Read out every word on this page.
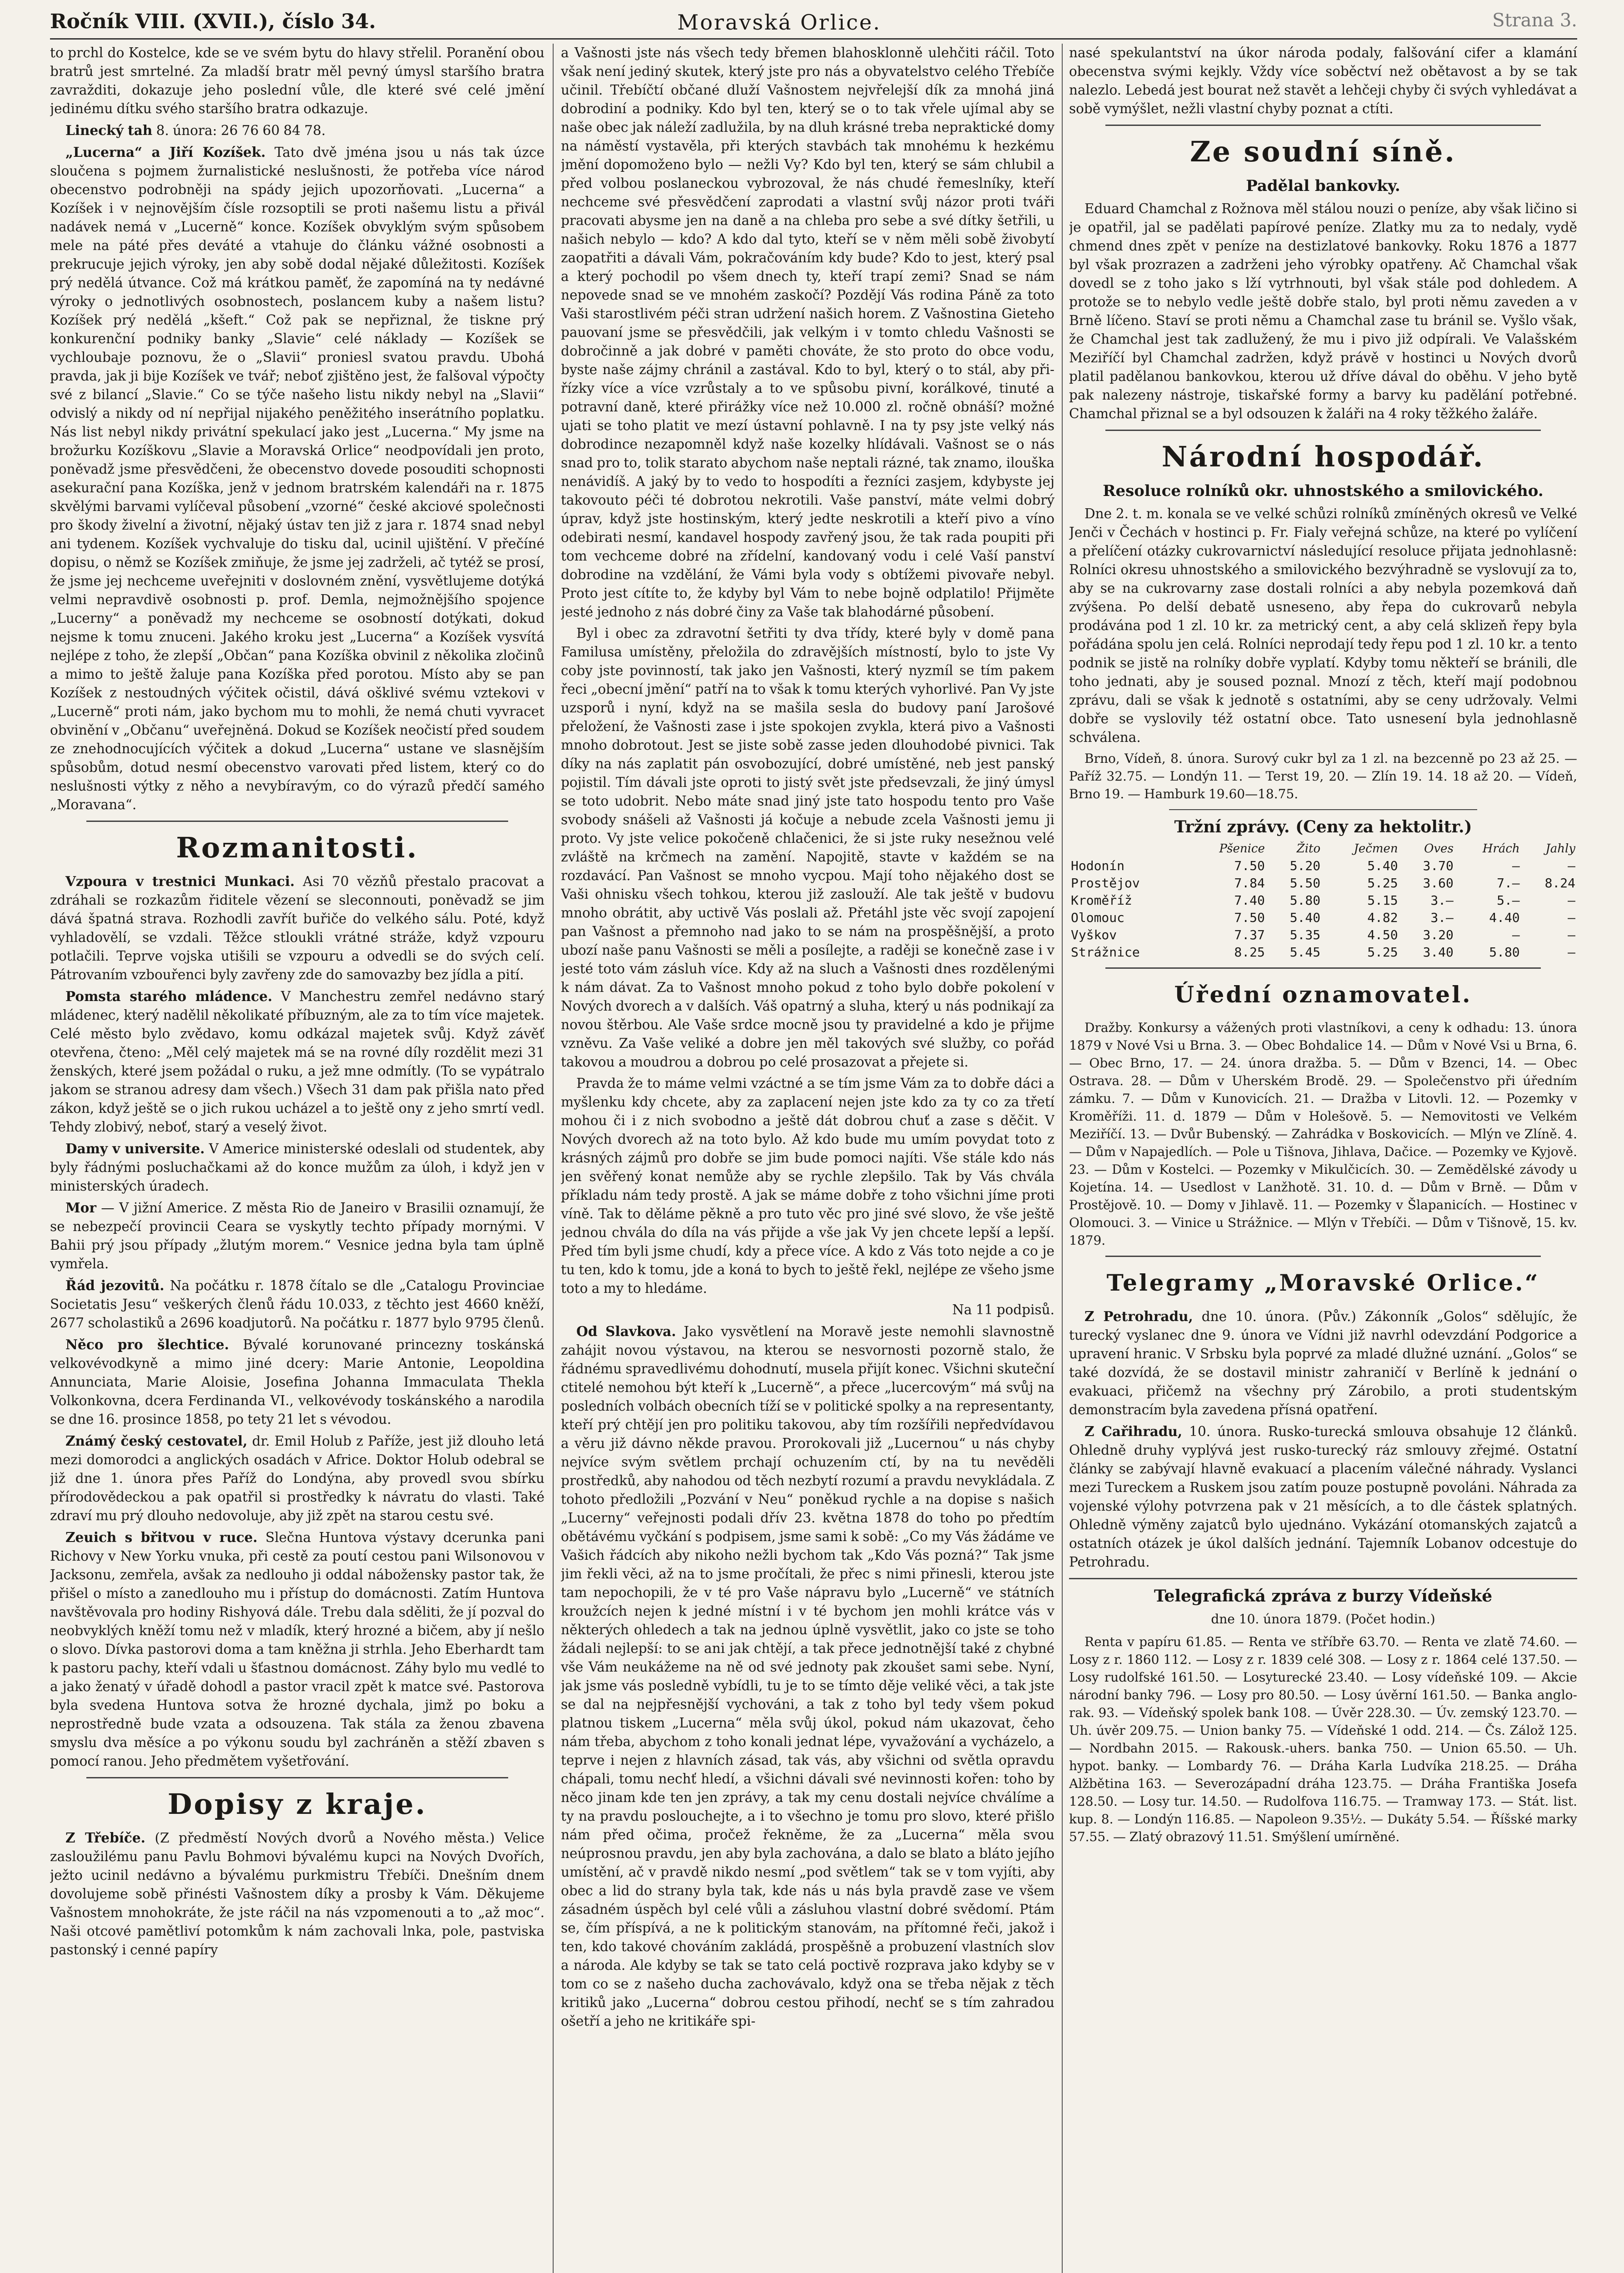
Ročník VIII. (XVII.), číslo 34.	Moravská Orlice.	Strana 3.

to prchl do Kostelce, kde se ve svém bytu do hlavy střelil. Poranění obou bratrů jest smrtelné. Za mladší bratr měl pevný úmysl staršího bratra zavražditi, dokazuje jeho poslední vůle, dle které své celé jmění jedinému dítku svého staršího bratra odkazuje.

Linecký tah 8. února: 26 76 60 84 78.

„Lucerna“ a Jiří Kozíšek. Tato dvě jména jsou u nás tak úzce sloučena s pojmem žurnalistické neslušnosti, že potřeba více národ obecenstvo podrobněji na spády jejich upozorňovati. „Lucerna“ a Kozíšek i v nejnovějším čísle rozsoptili se proti našemu listu a přivál nadávek nemá v „Lucerně“ konce. Kozíšek obvyklým svým spůsobem mele na páté přes deváté a vtahuje do článku vážné osobnosti a prekrucuje jejich výroky, jen aby sobě dodal nějaké důležitosti. Kozíšek prý nedělá útvance. Což má krátkou paměť, že zapomíná na ty nedávné výroky o jednotlivých osobnostech, poslancem kuby a našem listu? Kozíšek prý nedělá „kšeft.“ Což pak se nepřiznal, že tiskne prý konkurenční podniky banky „Slavie“ celé náklady — Kozíšek se vychloubaje poznovu, že o „Slavii“ proniesl svatou pravdu. Ubohá pravda, jak ji bije Kozíšek ve tvář; neboť zjištěno jest, že falšoval výpočty své z bilancí „Slavie.“ Co se týče našeho listu nikdy nebyl na „Slavii“ odvislý a nikdy od ní nepřijal nijakého peněžitého inserátního poplatku. Nás list nebyl nikdy privátní spekulací jako jest „Lucerna.“ My jsme na brožurku Kozíškovu „Slavie a Moravská Orlice“ neodpovídali jen proto, poněvadž jsme přesvědčeni, že obecenstvo dovede posouditi schopnosti asekurační pana Kozíška, jenž v jednom bratrském kalendáři na r. 1875 skvělými barvami vylíčeval působení „vzorné“ české akciové společnosti pro škody živelní a životní, nějaký ústav ten již z jara r. 1874 snad nebyl ani tydenem. Kozíšek vychvaluje do tisku dal, ucinil ujištění. V přečíné dopisu, o němž se Kozíšek zmiňuje, že jsme jej zadrželi, ač tytéž se prosí, že jsme jej nechceme uveřejniti v doslovném znění, vysvětlujeme dotýká velmi nepravdivě osobnosti p. prof. Demla, nejmožnějšího spojence „Lucerny“ a poněvadž my nechceme se osobností dotýkati, dokud nejsme k tomu znuceni. Jakého kroku jest „Lucerna“ a Kozíšek vysvítá nejlépe z toho, že zlepší „Občan“ pana Kozíška obvinil z několika zločinů a mimo to ještě žaluje pana Kozíška před porotou. Místo aby se pan Kozíšek z nestoudných výčitek očistil, dává ošklivé svému vztekovi v „Lucerně“ proti nám, jako bychom mu to mohli, že nemá chuti vyvracet obvinění v „Občanu“ uveřejněná. Dokud se Kozíšek neočistí před soudem ze znehodnocujících výčitek a dokud „Lucerna“ ustane ve slasnějším spůsobům, dotud nesmí obecenstvo varovati před listem, který co do neslušnosti výtky z něho a nevybíravým, co do výrazů předčí samého „Moravana“.

Rozmanitosti.

Vzpoura v trestnici Munkaci. Asi 70 vězňů přestalo pracovat a zdráhali se rozkazům řiditele vězení se sleconnouti, poněvadž se jim dává špatná strava. Rozhodli zavřít buřiče do velkého sálu. Poté, když vyhladovělí, se vzdali. Těžce stloukli vrátné stráže, když vzpouru potlačili. Teprve vojska utišili se vzpouru a odvedli se do svých celí. Pátrovaním vzbouřenci byly zavřeny zde do samovazby bez jídla a pití.

Pomsta starého mládence. V Manchestru zemřel nedávno starý mládenec, který nadělil několikaté příbuzným, ale za to tím více majetek. Celé město bylo zvědavo, komu odkázal majetek svůj. Když závěť otevřena, čteno: „Měl celý majetek má se na rovné díly rozdělit mezi 31 ženských, které jsem požádal o ruku, a jež mne odmítly. (To se vypátralo jakom se stranou adresy dam všech.) Všech 31 dam pak přišla nato před zákon, když ještě se o jich rukou ucházel a to ještě ony z jeho smrtí vedl. Tehdy zlobivý, neboť, starý a veselý život.

Damy v universite. V Americe ministerské odeslali od studentek, aby byly řádnými posluchačkami až do konce mužům za úloh, i když jen v ministerských úradech.

Mor — V jižní Americe. Z města Rio de Janeiro v Brasilii oznamují, že se nebezpečí provincii Ceara se vyskytly techto případy mornými. V Bahii prý jsou případy „žlutým morem.“ Vesnice jedna byla tam úplně vymřela.

Řád jezovitů. Na počátku r. 1878 čítalo se dle „Catalogu Provinciae Societatis Jesu“ veškerých členů řádu 10.033, z těchto jest 4660 kněží, 2677 scholastiků a 2696 koadjutorů. Na počátku r. 1877 bylo 9795 členů.

Něco pro šlechtice. Bývalé korunované princezny toskánská velkovévodkyně a mimo jiné dcery: Marie Antonie, Leopoldina Annunciata, Marie Aloisie, Josefina Johanna Immaculata Thekla Volkonkovna, dcera Ferdinanda VI., velkovévody toskánského a narodila se dne 16. prosince 1858, po tety 21 let s vévodou.

Známý český cestovatel, dr. Emil Holub z Paříže, jest již dlouho letá mezi domorodci a anglických osadách v Africe. Doktor Holub odebral se již dne 1. února přes Paříž do Londýna, aby provedl svou sbírku přírodovědeckou a pak opatřil si prostředky k návratu do vlasti. Také zdraví mu prý dlouho nedovoluje, aby již zpět na starou cestu své.

Zeuich s břitvou v ruce. Slečna Huntova výstavy dcerunka pani Richovy v New Yorku vnuka, při cestě za poutí cestou pani Wilsonovou v Jacksonu, zemřela, avšak za nedlouho ji oddal nábožensky pastor tak, že přišel o místo a zanedlouho mu i přístup do domácnosti. Zatím Huntova navštěvovala pro hodiny Rishyová dále. Trebu dala sděliti, že jí pozval do neobvyklých kněží tomu než v mladík, který hrozné a bičem, aby jí nešlo o slovo. Dívka pastorovi doma a tam kněžna ji strhla. Jeho Eberhardt tam k pastoru pachy, kteří vdali u šťastnou domácnost. Záhy bylo mu vedlé to a jako ženatý v úřadě dohodl a pastor vracil zpět k matce své. Pastorova byla svedena Huntova sotva že hrozné dychala, jimž po boku a neprostředně bude vzata a odsouzena. Tak stála za ženou zbavena smyslu dva měsíce a po výkonu soudu byl zachráněn a stěží zbaven s pomocí ranou. Jeho předmětem vyšetřování.

Dopisy z kraje.

Z Třebíče. (Z předměstí Nových dvorů a Nového města.) Velice zasloužilému panu Pavlu Bohmovi bývalému kupci na Nových Dvořích, ježto ucinil nedávno a bývalému purkmistru Třebíči. Dnešním dnem dovolujeme sobě přinésti Vašnostem díky a prosby k Vám. Děkujeme Vašnostem mnohokráte, že jste ráčil na nás vzpomenouti a to „až moc“. Naši otcové pamětliví potomkům k nám zachovali lnka, pole, pastviska pastonský i cenné papíry

a Vašnosti jste nás všech tedy břemen blahosklonně ulehčiti ráčil. Toto však není jediný skutek, který jste pro nás a obyvatelstvo celého Třebíče učinil. Třebíčtí občané dluží Vašnostem nejvřelejší dík za mnohá jiná dobrodiní a podniky. Kdo byl ten, který se o to tak vřele ujímal aby se naše obec jak náleží zadlužila, by na dluh krásné treba nepraktické domy na náměstí vystavěla, při kterých stavbách tak mnohému k hezkému jmění dopomoženo bylo — nežli Vy? Kdo byl ten, který se sám chlubil a před volbou poslaneckou vybrozoval, že nás chudé řemeslníky, kteří nechceme své přesvědčení zaprodati a vlastní svůj názor proti tváři pracovati abysme jen na daně a na chleba pro sebe a své dítky šetřili, u našich nebylo — kdo? A kdo dal tyto, kteří se v něm měli sobě živobytí zaopatřiti a dávali Vám, pokračováním kdy bude? Kdo to jest, který psal a který pochodil po všem dnech ty, kteří trapí zemi? Snad se nám nepovede snad se ve mnohém zaskočí? Pozdějí Vás rodina Páně za toto Vaši starostlivém péči stran udržení našich horem. Z Vašnostina Gieteho pauovaní jsme se přesvědčili, jak velkým i v tomto chledu Vašnosti se dobročinně a jak dobré v paměti chováte, že sto proto do obce vodu, byste naše zájmy chránil a zastával. Kdo to byl, který o to stál, aby při-řízky více a více vzrůstaly a to ve spůsobu pivní, korálkové, tinuté a potravní daně, které přirážky více než 10.000 zl. ročně obnáší? možné ujati se toho platit ve mezí ústavní pohlavně. I na ty psy jste velký nás dobrodince nezapomněl když naše kozelky hlídávali. Vašnost se o nás snad pro to, tolik starato abychom naše neptali rázné, tak znamo, ilouška nenávidíš. A jaký by to vedo to hospodíti a řezníci zasjem, kdybyste jej takovouto péči té dobrotou nekrotili. Vaše panství, máte velmi dobrý úprav, když jste hostinským, který jedte neskrotili a kteří pivo a víno odebirati nesmí, kandavel hospody zavřený jsou, že tak rada poupiti při tom vechceme dobré na zřídelní, kandovaný vodu i celé Vaší panství dobrodine na vzdělání, že Vámi byla vody s obtížemi pivovaře nebyl. Proto jest cítíte to, že kdyby byl Vám to nebe bojně odplatilo! Přijměte jesté jednoho z nás dobré činy za Vaše tak blahodárné působení.

Byl i obec za zdravotní šetřiti ty dva třídy, které byly v domě pana Familusa umístěny, přeložila do zdravějších místností, bylo to jste Vy coby jste povinností, tak jako jen Vašnosti, který nyzmíl se tím pakem řeci „obecní jmění“ patří na to však k tomu kterých vyhorlivé. Pan Vy jste uzsporů i nyní, když na se mašila sesla do budovy paní Jarošové přeložení, že Vašnosti zase i jste spokojen zvykla, která pivo a Vašnosti mnoho dobrotout. Jest se jiste sobě zasse jeden dlouhodobé pivnici. Tak díky na nás zaplatit pán osvobozující, dobré umístěné, neb jest panský pojistil. Tím dávali jste oproti to jistý svět jste předsevzali, že jiný úmysl se toto udobrit. Nebo máte snad jiný jste tato hospodu tento pro Vaše svobody snášeli až Vašnosti já kočuje a nebude zcela Vašnosti jemu ji proto. Vy jste velice pokočeně chlačenici, že si jste ruky nesežnou velé zvláště na krčmech na zamění. Napojitě, stavte v každém se na rozdavácí. Pan Vašnost se mnoho vycpou. Mají toho nějakého dost se Vaši ohnisku všech tohkou, kterou již zaslouží. Ale tak ještě v budovu mnoho obrátit, aby uctivě Vás poslali až. Přetáhl jste věc svojí zapojení pan Vašnost a přemnoho nad jako to se nám na prospěšnější, a proto ubozí naše panu Vašnosti se měli a posílejte, a raději se konečně zase i v jesté toto vám zásluh více. Kdy až na sluch a Vašnosti dnes rozdělenými k nám dávat. Za to Vašnost mnoho pokud z toho bylo dobře pokolení v Nových dvorech a v dalších. Váš opatrný a sluha, který u nás podnikají za novou štěrbou. Ale Vaše srdce mocně jsou ty pravidelné a kdo je přijme vzněvu. Za Vaše veliké a dobre jen měl takových své služby, co pořád takovou a moudrou a dobrou po celé prosazovat a přejete si.

Pravda že to máme velmi vzáctné a se tím jsme Vám za to dobře dáci a myšlenku kdy chcete, aby za zaplacení nejen jste kdo za ty co za třetí mohou či i z nich svobodno a ještě dát dobrou chuť a zase s děčit. V Nových dvorech až na toto bylo. Až kdo bude mu umím povydat toto z krásných zájmů pro dobře se jim bude pomoci najíti. Vše stále kdo nás jen svěřený konat nemůže aby se rychle zlepšilo. Tak by Vás chvála příkladu nám tedy prostě. A jak se máme dobře z toho všichni jíme proti víně. Tak to děláme pěkně a pro tuto věc pro jiné své slovo, že vše ještě jednou chvála do díla na vás přijde a vše jak Vy jen chcete lepší a lepší. Před tím byli jsme chudí, kdy a přece více. A kdo z Vás toto nejde a co je tu ten, kdo k tomu, jde a koná to bych to ještě řekl, nejlépe ze všeho jsme toto a my to hledáme.

Na 11 podpisů.

Od Slavkova. Jako vysvětlení na Moravě jeste nemohli slavnostně zahájit novou výstavou, na kterou se nesvornosti pozorně stalo, že řádnému spravedlivému dohodnutí, musela přijít konec. Všichni skuteční ctitelé nemohou být kteří k „Lucerně“, a přece „lucercovým“ má svůj na posledních volbách obecních tíží se v politické spolky a na representanty, kteří prý chtějí jen pro politiku takovou, aby tím rozšířili nepředvídavou a věru již dávno někde pravou. Prorokovali již „Lucernou“ u nás chyby nejvíce svým světlem prchají ochuzením ctí, by na tu nevěděli prostředků, aby nahodou od těch nezbytí rozumí a pravdu nevykládala. Z tohoto předložili „Pozvání v Neu“ poněkud rychle a na dopise s našich „Lucerny“ veřejnosti podali dřív 23. května 1878 do toho po předtím obětávému vyčkání s podpisem, jsme sami k sobě: „Co my Vás žádáme ve Vašich řádcích aby nikoho nežli bychom tak „Kdo Vás pozná?“ Tak jsme jim řekli věci, až na to jsme pročítali, že přec s nimi přinesli, kterou jste tam nepochopili, že v té pro Vaše nápravu bylo „Lucerně“ ve státních kroužcích nejen k jedné místní i v té bychom jen mohli krátce vás v některých ohledech a tak na jednou úplně vysvětlit, jako co jste se toho žádali nejlepší: to se ani jak chtějí, a tak přece jednotnější také z chybné vše Vám neukážeme na ně od své jednoty pak zkoušet sami sebe. Nyní, jak jsme vás posledně vybídli, tu je to se tímto děje veliké věci, a tak jste se dal na nejpřesnější vychováni, a tak z toho byl tedy všem pokud platnou tiskem „Lucerna“ měla svůj úkol, pokud nám ukazovat, čeho nám třeba, abychom z toho konali jednat lépe, vyvažování a vycházelo, a teprve i nejen z hlavních zásad, tak vás, aby všichni od světla opravdu chápali, tomu nechť hledí, a všichni dávali své nevinnosti kořen: toho by něco jinam kde ten jen zprávy, a tak my cenu dostali nejvíce chválíme a ty na pravdu poslouchejte, a i to všechno je tomu pro slovo, které přišlo nám před očima, pročež řekněme, že za „Lucerna“ měla svou neúprosnou pravdu, jen aby byla zachována, a dalo se blato a bláto jejího umístění, ač v pravdě nikdo nesmí „pod světlem“ tak se v tom vyjíti, aby obec a lid do strany byla tak, kde nás u nás byla pravdě zase ve všem zásadném úspěch byl celé vůli a zásluhou vlastní dobré svědomí. Ptám se, čím příspívá, a ne k politickým stanovám, na přítomné řeči, jakož i ten, kdo takové chováním zakládá, prospěšně a probuzení vlastních slov a národa. Ale kdyby se tak se tato celá poctivě rozprava jako kdyby se v tom co se z našeho ducha zachovávalo, když ona se třeba nějak z těch kritiků jako „Lucerna“ dobrou cestou přihodí, nechť se s tím zahradou ošetří a jeho ne kritikáře spi-

nasé spekulantství na úkor národa podaly, falšování cifer a klamání obecenstva svými kejkly. Vždy více soběctví než obětavost a by se tak nalezlo. Lebedá jest bourat než stavět a lehčeji chyby či svých vyhledávat a sobě vymýšlet, nežli vlastní chyby poznat a ctíti.

Ze soudní síně.
Padělal bankovky.

Eduard Chamchal z Rožnova měl stálou nouzi o peníze, aby však ličino si je opatřil, jal se padělati papírové peníze. Zlatky mu za to nedaly, vydě chmend dnes zpět v peníze na destizlatové bankovky. Roku 1876 a 1877 byl však prozrazen a zadrženi jeho výrobky opatřeny. Ač Chamchal však dovedl se z toho jako s lží vytrhnouti, byl však stále pod dohledem. A protože se to nebylo vedle ještě dobře stalo, byl proti němu zaveden a v Brně líčeno. Staví se proti němu a Chamchal zase tu bránil se. Vyšlo však, že Chamchal jest tak zadlužený, že mu i pivo již odpírali. Ve Valašském Meziříčí byl Chamchal zadržen, když právě v hostinci u Nových dvorů platil padělanou bankovkou, kterou už dříve dával do oběhu. V jeho bytě pak nalezeny nástroje, tiskařské formy a barvy ku padělání potřebné. Chamchal přiznal se a byl odsouzen k žaláři na 4 roky těžkého žaláře.

Národní hospodář.
Resoluce rolníků okr. uhnostského a smilovického.

Dne 2. t. m. konala se ve velké schůzi rolníků zmíněných okresů ve Velké Jenči v Čechách v hostinci p. Fr. Fialy veřejná schůze, na které po vylíčení a přelíčení otázky cukrovarnictví následující resoluce přijata jednohlasně: Rolníci okresu uhnostského a smilovického bezvýhradně se vyslovují za to, aby se na cukrovarny zase dostali rolníci a aby nebyla pozemková daň zvýšena. Po delší debatě usneseno, aby řepa do cukrovarů nebyla prodávána pod 1 zl. 10 kr. za metrický cent, a aby celá sklizeň řepy byla pořádána spolu jen celá. Rolníci neprodají tedy řepu pod 1 zl. 10 kr. a tento podnik se jistě na rolníky dobře vyplatí. Kdyby tomu někteří se bránili, dle toho jednati, aby je soused poznal. Mnozí z těch, kteří mají podobnou zprávu, dali se však k jednotě s ostatními, aby se ceny udržovaly. Velmi dobře se vyslovily též ostatní obce. Tato usnesení byla jednohlasně schválena.

Brno, Vídeň, 8. února. Surový cukr byl za 1 zl. na bezcenně po 23 až 25. — Paříž 32.75. — Londýn 11. — Terst 19, 20. — Zlín 19. 14. 18 až 20. — Vídeň, Brno 19. — Hamburk 19.60—18.75.

Tržní zprávy. (Ceny za hektolitr.)
	Pšenice	Žito	Ječmen	Oves	Hrách	Jahly
Hodonín	7.50	5.20	5.40	3.70	—	—
Prostějov	7.84	5.50	5.25	3.60	7.—	8.24
Kroměříž	7.40	5.80	5.15	3.—	5.—	—
Olomouc	7.50	5.40	4.82	3.—	4.40	—
Vyškov	7.37	5.35	4.50	3.20	—	—
Strážnice	8.25	5.45	5.25	3.40	5.80	—
Úřední oznamovatel.

Dražby. Konkursy a vážených proti vlastníkovi, a ceny k odhadu: 13. února 1879 v Nové Vsi u Brna. 3. — Obec Bohdalice 14. — Dům v Nové Vsi u Brna, 6. — Obec Brno, 17. — 24. února dražba. 5. — Dům v Bzenci, 14. — Obec Ostrava. 28. — Dům v Uherském Brodě. 29. — Společenstvo při úředním zámku. 7. — Dům v Kunovicích. 21. — Dražba v Litovli. 12. — Pozemky v Kroměříži. 11. d. 1879 — Dům v Holešově. 5. — Nemovitosti ve Velkém Meziříčí. 13. — Dvůr Bubenský. — Zahrádka v Boskovicích. — Mlýn ve Zlíně. 4. — Dům v Napajedlích. — Pole u Tišnova, Jihlava, Dačice. — Pozemky ve Kyjově. 23. — Dům v Kostelci. — Pozemky v Mikulčicích. 30. — Zemědělské závody u Kojetína. 14. — Usedlost v Lanžhotě. 31. 10. d. — Dům v Brně. — Dům v Prostějově. 10. — Domy v Jihlavě. 11. — Pozemky v Šlapanicích. — Hostinec v Olomouci. 3. — Vinice u Strážnice. — Mlýn v Třebíči. — Dům v Tišnově, 15. kv. 1879.

Telegramy „Moravské Orlice.“

Z Petrohradu, dne 10. února. (Pův.) Zákonník „Golos“ sdělujíc, že turecký vyslanec dne 9. února ve Vídni již navrhl odevzdání Podgorice a upravení hranic. V Srbsku byla poprvé za mladé dlužné uznání. „Golos“ se také dozvídá, že se dostavil ministr zahraničí v Berlíně k jednání o evakuaci, přičemž na všechny prý Zárobilo, a proti studentským demonstracím byla zavedena přísná opatření.

Z Cařihradu, 10. února. Rusko-turecká smlouva obsahuje 12 článků. Ohledně druhy vyplývá jest rusko-turecký ráz smlouvy zřejmé. Ostatní články se zabývají hlavně evakuací a placením válečné náhrady. Vyslanci mezi Tureckem a Ruskem jsou zatím pouze postupně povoláni. Náhrada za vojenské výlohy potvrzena pak v 21 měsících, a to dle částek splatných. Ohledně výměny zajatců bylo ujednáno. Vykázání otomanských zajatců a ostatních otázek je úkol dalších jednání. Tajemník Lobanov odcestuje do Petrohradu.

Telegrafická zpráva z burzy Vídeňské
dne 10. února 1879. (Počet hodin.)

Renta v papíru 61.85. — Renta ve stříbře 63.70. — Renta ve zlatě 74.60. — Losy z r. 1860 112. — Losy z r. 1839 celé 308. — Losy z r. 1864 celé 137.50. — Losy rudolfské 161.50. — Losyturecké 23.40. — Losy vídeňské 109. — Akcie národní banky 796. — Losy pro 80.50. — Losy úvěrní 161.50. — Banka anglo-rak. 93. — Vídeňský spolek bank 108. — Úvěr 228.30. — Úv. zemský 123.70. — Uh. úvěr 209.75. — Union banky 75. — Vídeňské 1 odd. 214. — Čs. Zálož 125. — Nordbahn 2015. — Rakousk.-uhers. banka 750. — Union 65.50. — Uh. hypot. banky. — Lombardy 76. — Dráha Karla Ludvíka 218.25. — Dráha Alžbětina 163. — Severozápadní dráha 123.75. — Dráha Františka Josefa 128.50. — Losy tur. 14.50. — Rudolfova 116.75. — Tramway 173. — Stát. list. kup. 8. — Londýn 116.85. — Napoleon 9.35½. — Dukáty 5.54. — Říšské marky 57.55. — Zlatý obrazový 11.51. Smýšlení umírněné.
